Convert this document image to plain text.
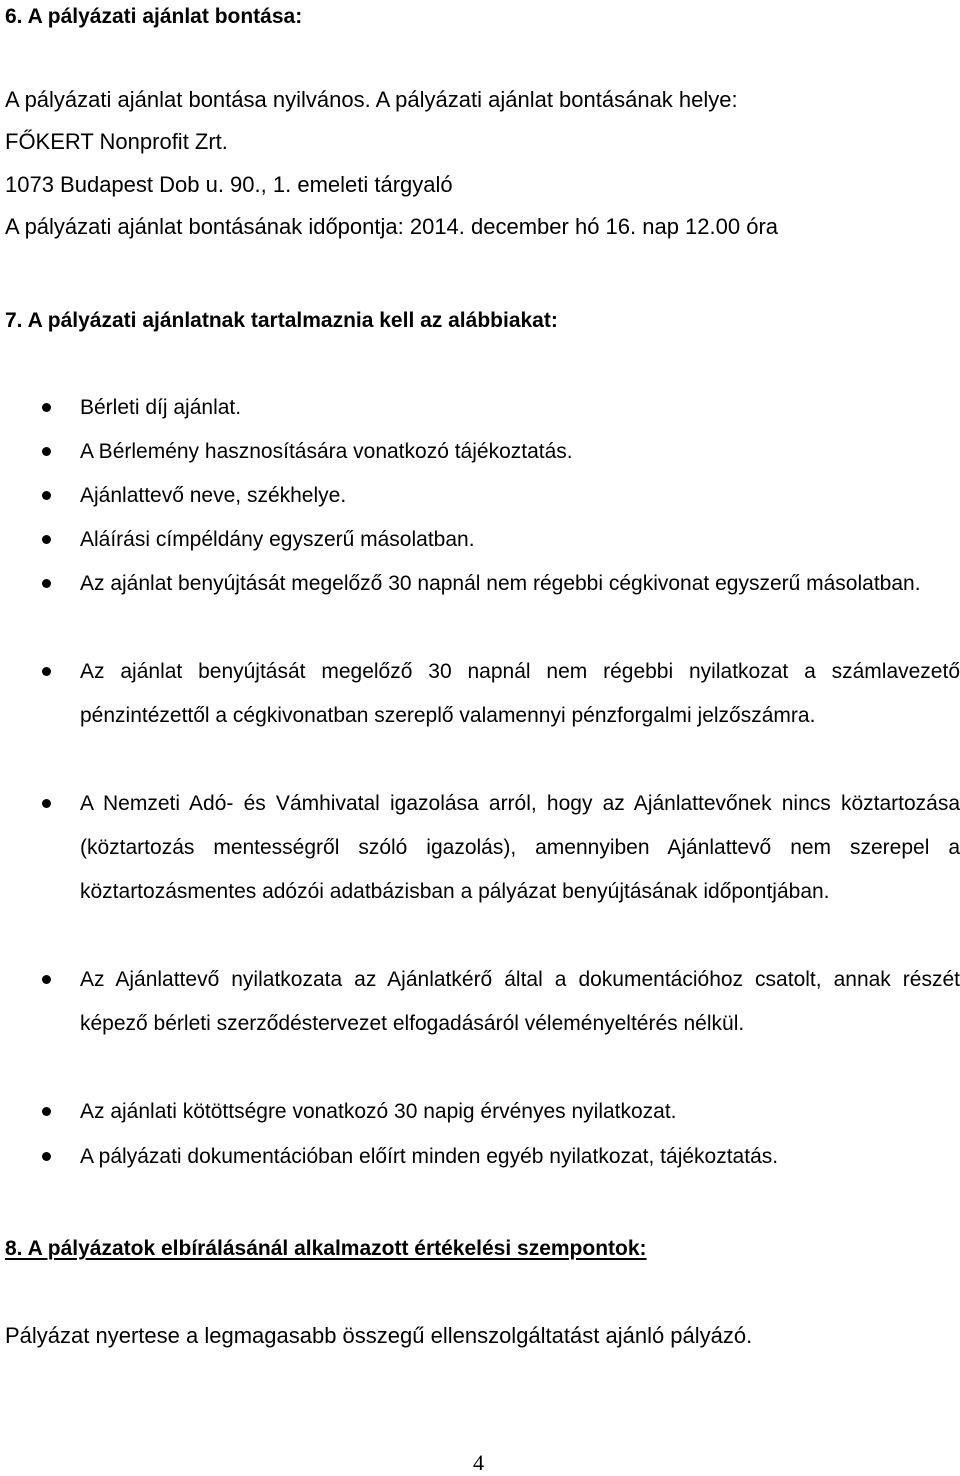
6. A pályázati ajánlat bontása:
A pályázati ajánlat bontása nyilvános. A pályázati ajánlat bontásának helye:
FŐKERT Nonprofit Zrt.
1073 Budapest Dob u. 90., 1. emeleti tárgyaló
A pályázati ajánlat bontásának időpontja: 2014. december hó 16. nap 12.00 óra
7. A pályázati ajánlatnak tartalmaznia kell az alábbiakat:
Bérleti díj ajánlat.
A Bérlemény hasznosítására vonatkozó tájékoztatás.
Ajánlattevő neve, székhelye.
Aláírási címpéldány egyszerű másolatban.
Az ajánlat benyújtását megelőző 30 napnál nem régebbi cégkivonat egyszerű másolatban.
Az ajánlat benyújtását megelőző 30 napnál nem régebbi nyilatkozat a számlavezető pénzintézettől a cégkivonatban szereplő valamennyi pénzforgalmi jelzőszámra.
A Nemzeti Adó- és Vámhivatal igazolása arról, hogy az Ajánlattevőnek nincs köztartozása (köztartozás mentességről szóló igazolás), amennyiben Ajánlattevő nem szerepel a köztartozásmentes adózói adatbázisban a pályázat benyújtásának időpontjában.
Az Ajánlattevő nyilatkozata az Ajánlatkérő által a dokumentációhoz csatolt, annak részét képező bérleti szerződéstervezet elfogadásáról véleményeltérés nélkül.
Az ajánlati kötöttségre vonatkozó 30 napig érvényes nyilatkozat.
A pályázati dokumentációban előírt minden egyéb nyilatkozat, tájékoztatás.
8. A pályázatok elbírálásánál alkalmazott értékelési szempontok:
Pályázat nyertese a legmagasabb összegű ellenszolgáltatást ajánló pályázó.
4
